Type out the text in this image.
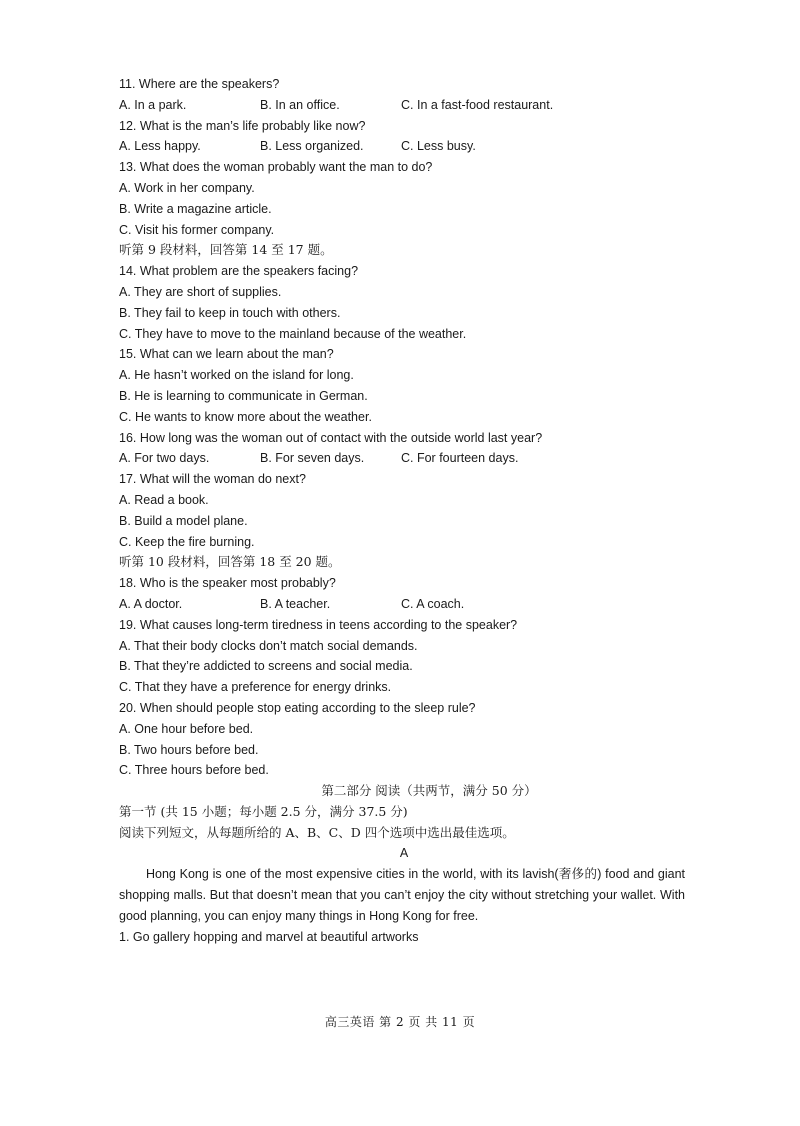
11. Where are the speakers?
A. In a park.	B. In an office.	C. In a fast-food restaurant.
12. What is the man’s life probably like now?
A. Less happy.	B. Less organized.	C. Less busy.
13. What does the woman probably want the man to do?
A. Work in her company.
B. Write a magazine article.
C. Visit his former company.
听第 9 段材料，回答第 14 至 17 题。
14. What problem are the speakers facing?
A. They are short of supplies.
B. They fail to keep in touch with others.
C. They have to move to the mainland because of the weather.
15. What can we learn about the man?
A. He hasn’t worked on the island for long.
B. He is learning to communicate in German.
C. He wants to know more about the weather.
16. How long was the woman out of contact with the outside world last year?
A. For two days.	B. For seven days.	C. For fourteen days.
17. What will the woman do next?
A. Read a book.
B. Build a model plane.
C. Keep the fire burning.
听第 10 段材料，回答第 18 至 20 题。
18. Who is the speaker most probably?
A. A doctor.	B. A teacher.	C. A coach.
19. What causes long-term tiredness in teens according to the speaker?
A. That their body clocks don’t match social demands.
B. That they’re addicted to screens and social media.
C. That they have a preference for energy drinks.
20. When should people stop eating according to the sleep rule?
A. One hour before bed.
B. Two hours before bed.
C. Three hours before bed.
第二部分 阅读（共两节，满分 50 分）
第一节 (共 15 小题；每小题 2.5 分，满分 37.5 分)
阅读下列短文，从每题所给的 A、B、C、D 四个选项中选出最佳选项。
A
Hong Kong is one of the most expensive cities in the world, with its lavish(奢侈的) food and giant shopping malls. But that doesn’t mean that you can’t enjoy the city without stretching your wallet. With good planning, you can enjoy many things in Hong Kong for free.
1. Go gallery hopping and marvel at beautiful artworks
高三英语 第 2 页 共 11 页
